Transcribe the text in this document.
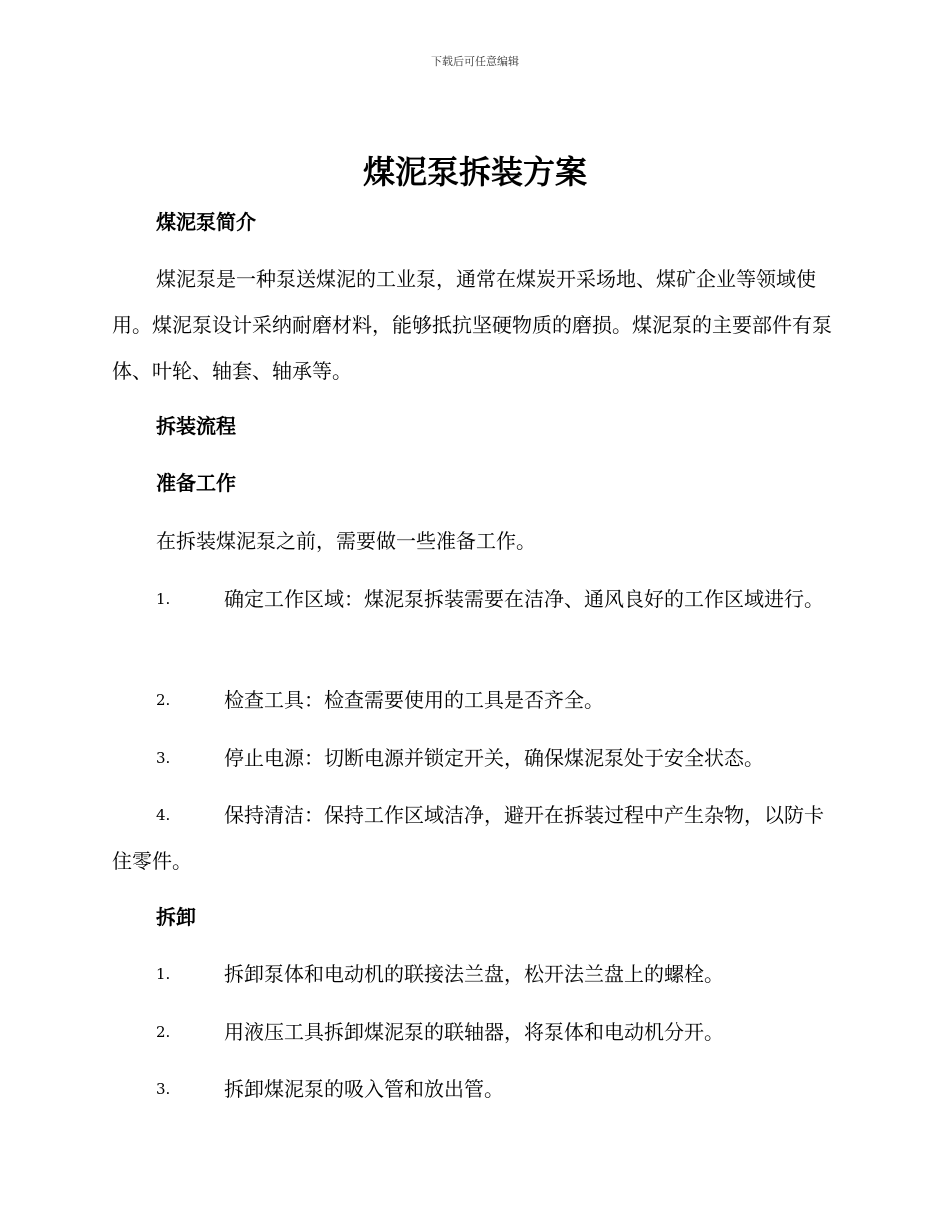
下载后可任意编辑
煤泥泵拆装方案
煤泥泵简介

煤泥泵是一种泵送煤泥的工业泵，通常在煤炭开采场地、煤矿企业等领域使用。煤泥泵设计采纳耐磨材料，能够抵抗坚硬物质的磨损。煤泥泵的主要部件有泵体、叶轮、轴套、轴承等。

拆装流程
准备工作

在拆装煤泥泵之前，需要做一些准备工作。

1.	确定工作区域：煤泥泵拆装需要在洁净、通风良好的工作区域进行。

2.	检查工具：检查需要使用的工具是否齐全。

3.	停止电源：切断电源并锁定开关，确保煤泥泵处于安全状态。

4.	保持清洁：保持工作区域洁净，避开在拆装过程中产生杂物，以防卡住零件。

拆卸
1.	拆卸泵体和电动机的联接法兰盘，松开法兰盘上的螺栓。

2.	用液压工具拆卸煤泥泵的联轴器，将泵体和电动机分开。

3.	拆卸煤泥泵的吸入管和放出管。
